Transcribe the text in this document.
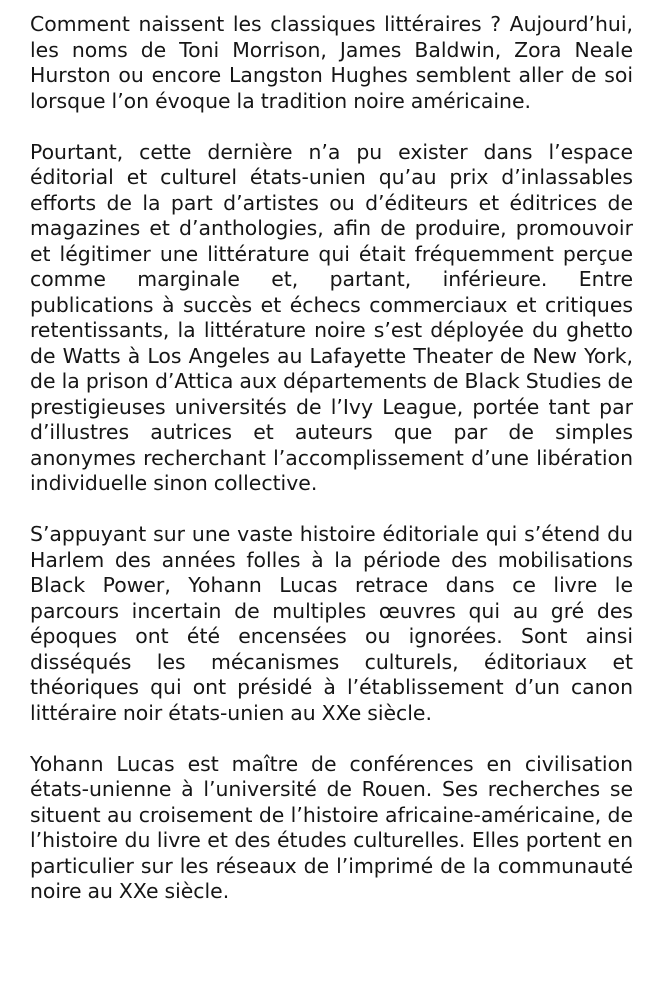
Comment naissent les classiques littéraires ? Aujourd’hui, les noms de Toni Morrison, James Baldwin, Zora Neale Hurston ou encore Langston Hughes semblent aller de soi lorsque l’on évoque la tradition noire américaine.

Pourtant, cette dernière n’a pu exister dans l’espace éditorial et culturel états-unien qu’au prix d’inlassables efforts de la part d’artistes ou d’éditeurs et éditrices de magazines et d’anthologies, afin de produire, promouvoir et légitimer une littérature qui était fréquemment perçue comme marginale et, partant, inférieure. Entre publications à succès et échecs commerciaux et critiques retentissants, la littérature noire s’est déployée du ghetto de Watts à Los Angeles au Lafayette Theater de New York, de la prison d’Attica aux départements de Black Studies de prestigieuses universités de l’Ivy League, portée tant par d’illustres autrices et auteurs que par de simples anonymes recherchant l’accomplissement d’une libération individuelle sinon collective.

S’appuyant sur une vaste histoire éditoriale qui s’étend du Harlem des années folles à la période des mobilisations Black Power, Yohann Lucas retrace dans ce livre le parcours incertain de multiples œuvres qui au gré des époques ont été encensées ou ignorées. Sont ainsi disséqués les mécanismes culturels, éditoriaux et théoriques qui ont présidé à l’établissement d’un canon littéraire noir états-unien au XXe siècle.

Yohann Lucas est maître de conférences en civilisation états-unienne à l’université de Rouen. Ses recherches se situent au croisement de l’histoire africaine-américaine, de l’histoire du livre et des études culturelles. Elles portent en particulier sur les réseaux de l’imprimé de la communauté noire au XXe siècle.
